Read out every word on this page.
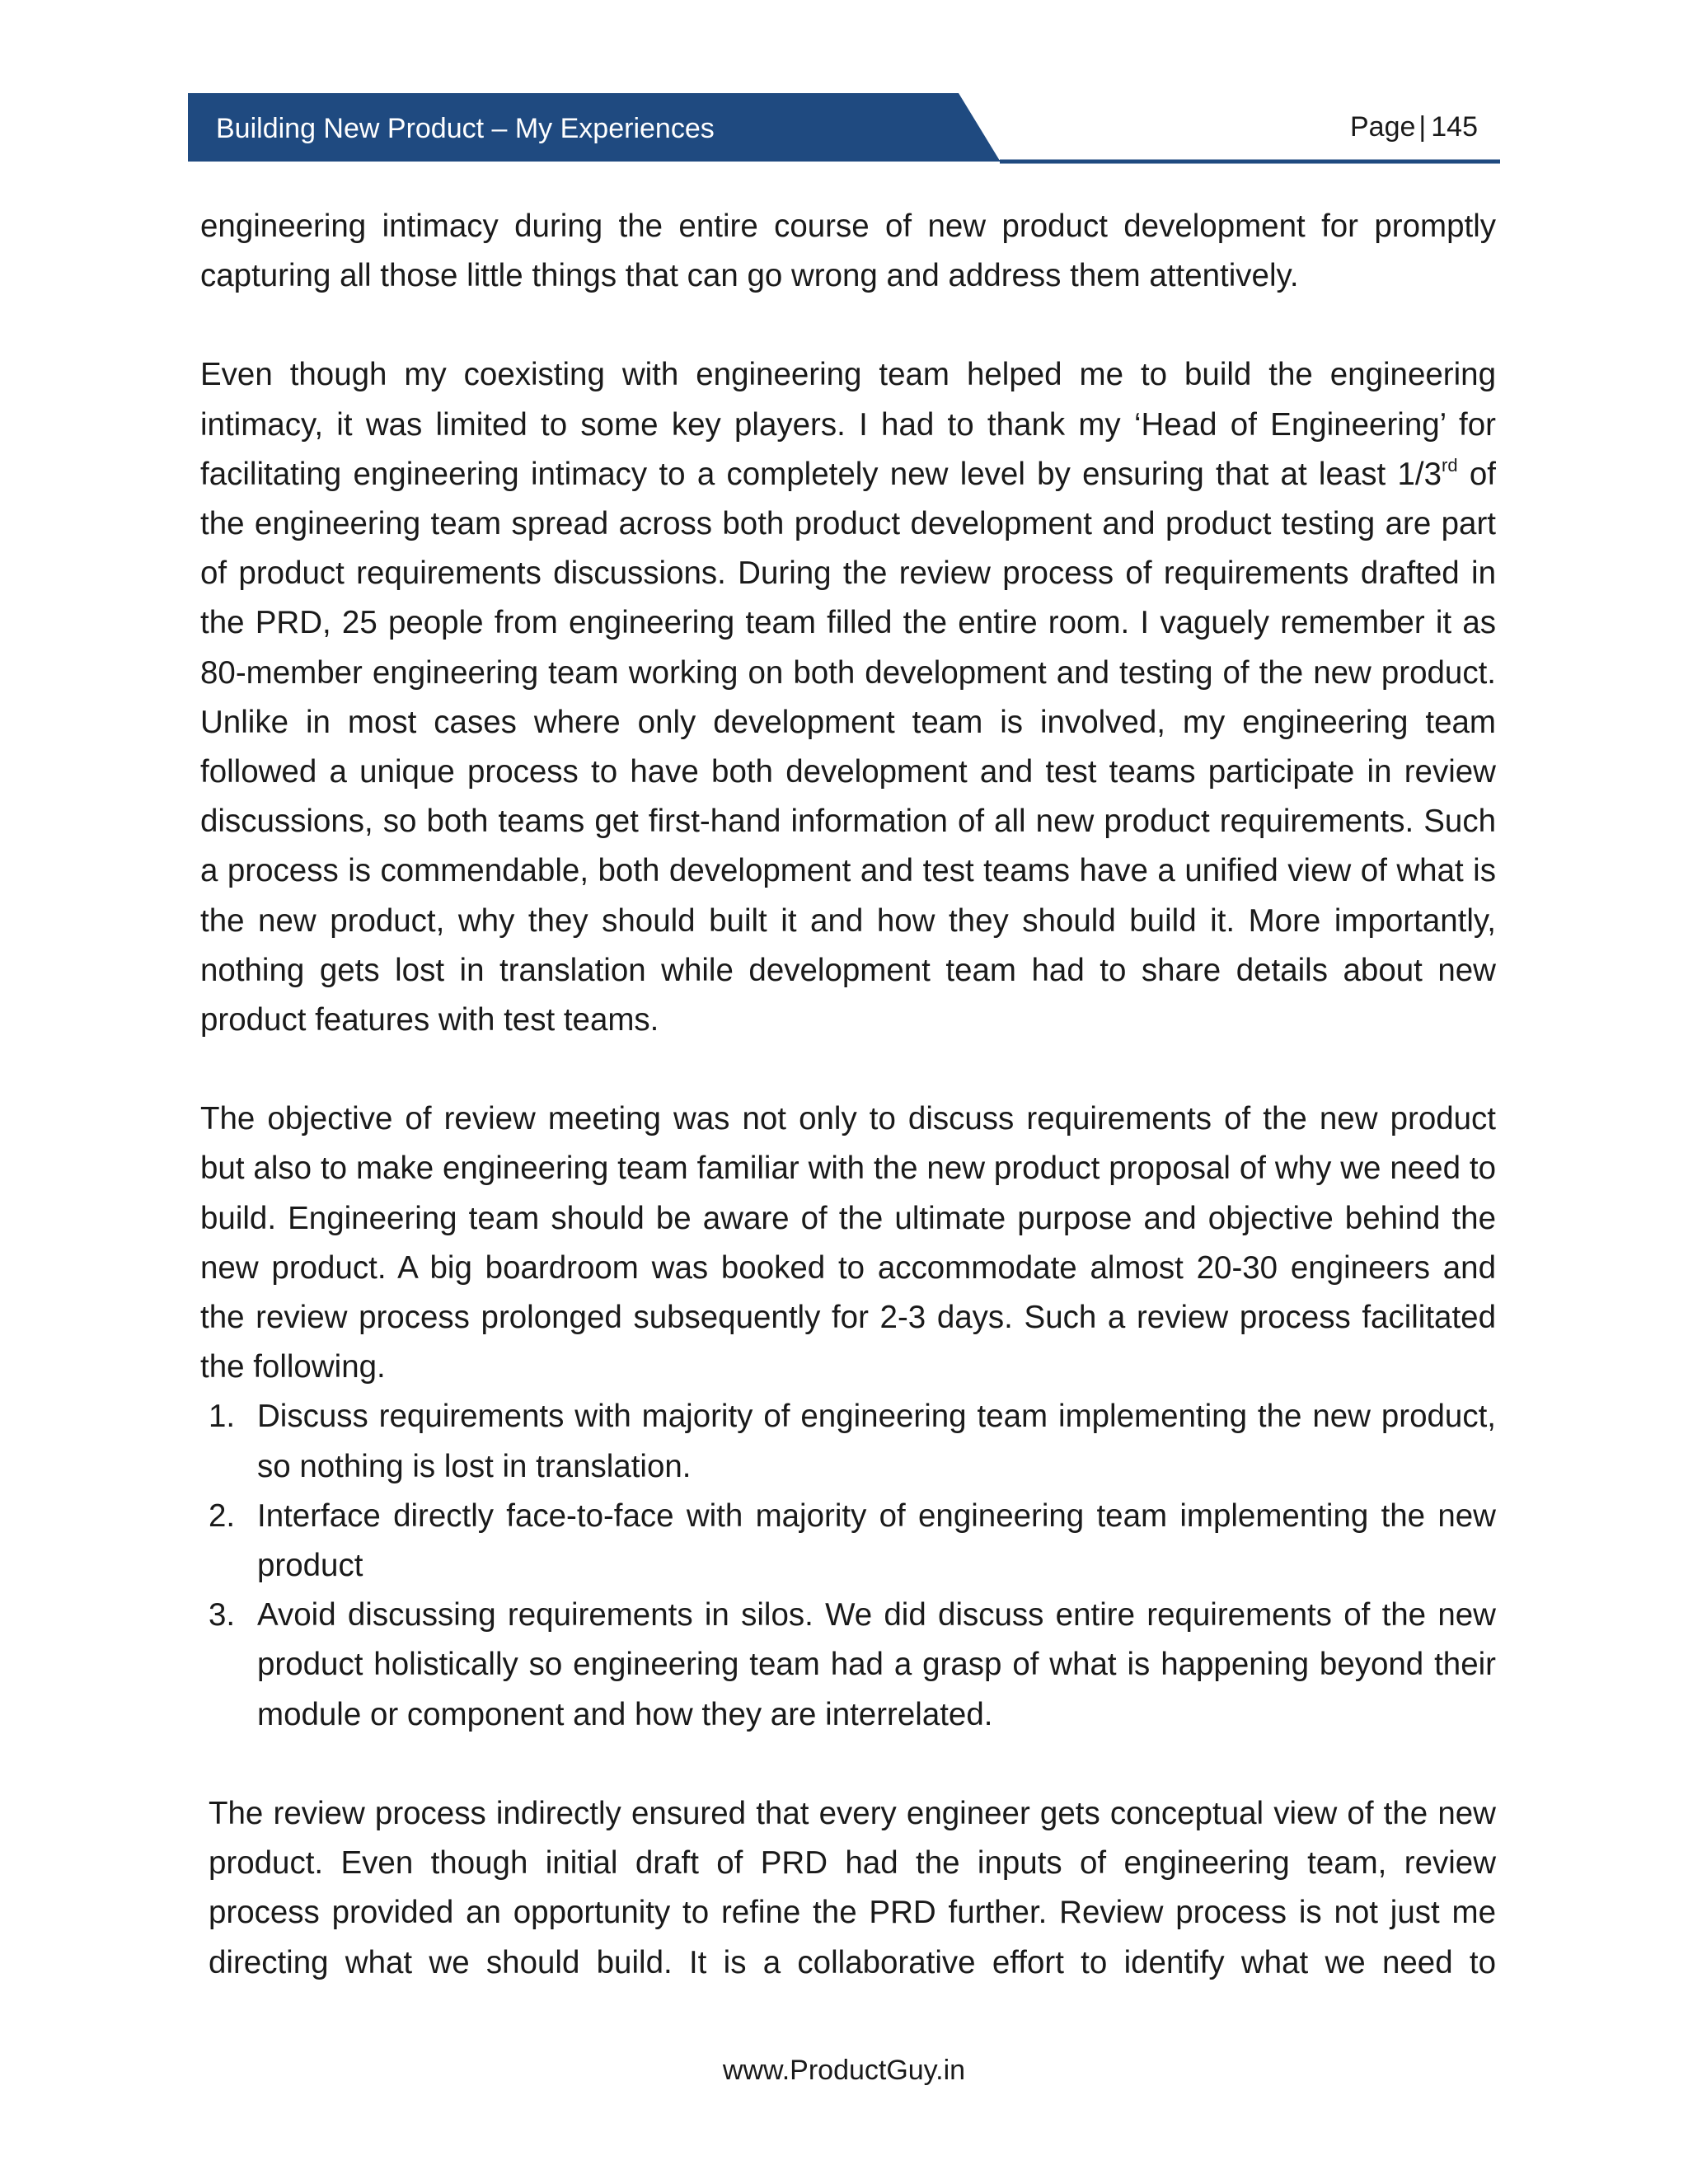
Building New Product – My Experiences	Page | 145

engineering intimacy during the entire course of new product development for promptly capturing all those little things that can go wrong and address them attentively.

Even though my coexisting with engineering team helped me to build the engineering intimacy, it was limited to some key players. I had to thank my ‘Head of Engineering’ for facilitating engineering intimacy to a completely new level by ensuring that at least 1/3rd of the engineering team spread across both product development and product testing are part of product requirements discussions. During the review process of requirements drafted in the PRD, 25 people from engineering team filled the entire room. I vaguely remember it as 80-member engineering team working on both development and testing of the new product. Unlike in most cases where only development team is involved, my engineering team followed a unique process to have both development and test teams participate in review discussions, so both teams get first-hand information of all new product requirements. Such a process is commendable, both development and test teams have a unified view of what is the new product, why they should built it and how they should build it. More importantly, nothing gets lost in translation while development team had to share details about new product features with test teams.

The objective of review meeting was not only to discuss requirements of the new product but also to make engineering team familiar with the new product proposal of why we need to build. Engineering team should be aware of the ultimate purpose and objective behind the new product. A big boardroom was booked to accommodate almost 20-30 engineers and the review process prolonged subsequently for 2-3 days. Such a review process facilitated the following.

1. Discuss requirements with majority of engineering team implementing the new product, so nothing is lost in translation.
2. Interface directly face-to-face with majority of engineering team implementing the new product
3. Avoid discussing requirements in silos. We did discuss entire requirements of the new product holistically so engineering team had a grasp of what is happening beyond their module or component and how they are interrelated.

The review process indirectly ensured that every engineer gets conceptual view of the new product. Even though initial draft of PRD had the inputs of engineering team, review process provided an opportunity to refine the PRD further. Review process is not just me directing what we should build. It is a collaborative effort to identify what we need to

www.ProductGuy.in
